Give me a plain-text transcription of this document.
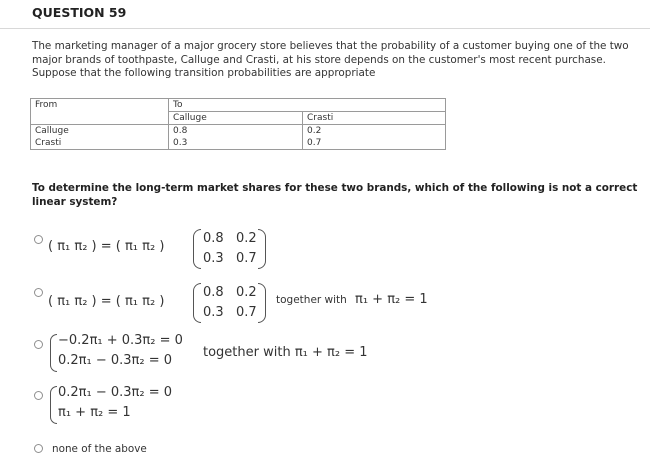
QUESTION 59
The marketing manager of a major grocery store believes that the probability of a customer buying one of the two major brands of toothpaste, Calluge and Crasti, at his store depends on the customer's most recent purchase. Suppose that the following transition probabilities are appropriate
From	To	
	Calluge	Crasti
Calluge	0.8	0.2
Crasti	0.3	0.7
To determine the long-term market shares for these two brands, which of the following is not a correct linear system?
( π₁ π₂ ) = ( π₁ π₂ )
0.8 0.2
0.3 0.7
( π₁ π₂ ) = ( π₁ π₂ )
0.8 0.2
0.3 0.7
together with π₁ + π₂ = 1
−0.2π₁ + 0.3π₂ = 0
0.2π₁ − 0.3π₂ = 0
together with π₁ + π₂ = 1
0.2π₁ − 0.3π₂ = 0
π₁ + π₂ = 1
none of the above
